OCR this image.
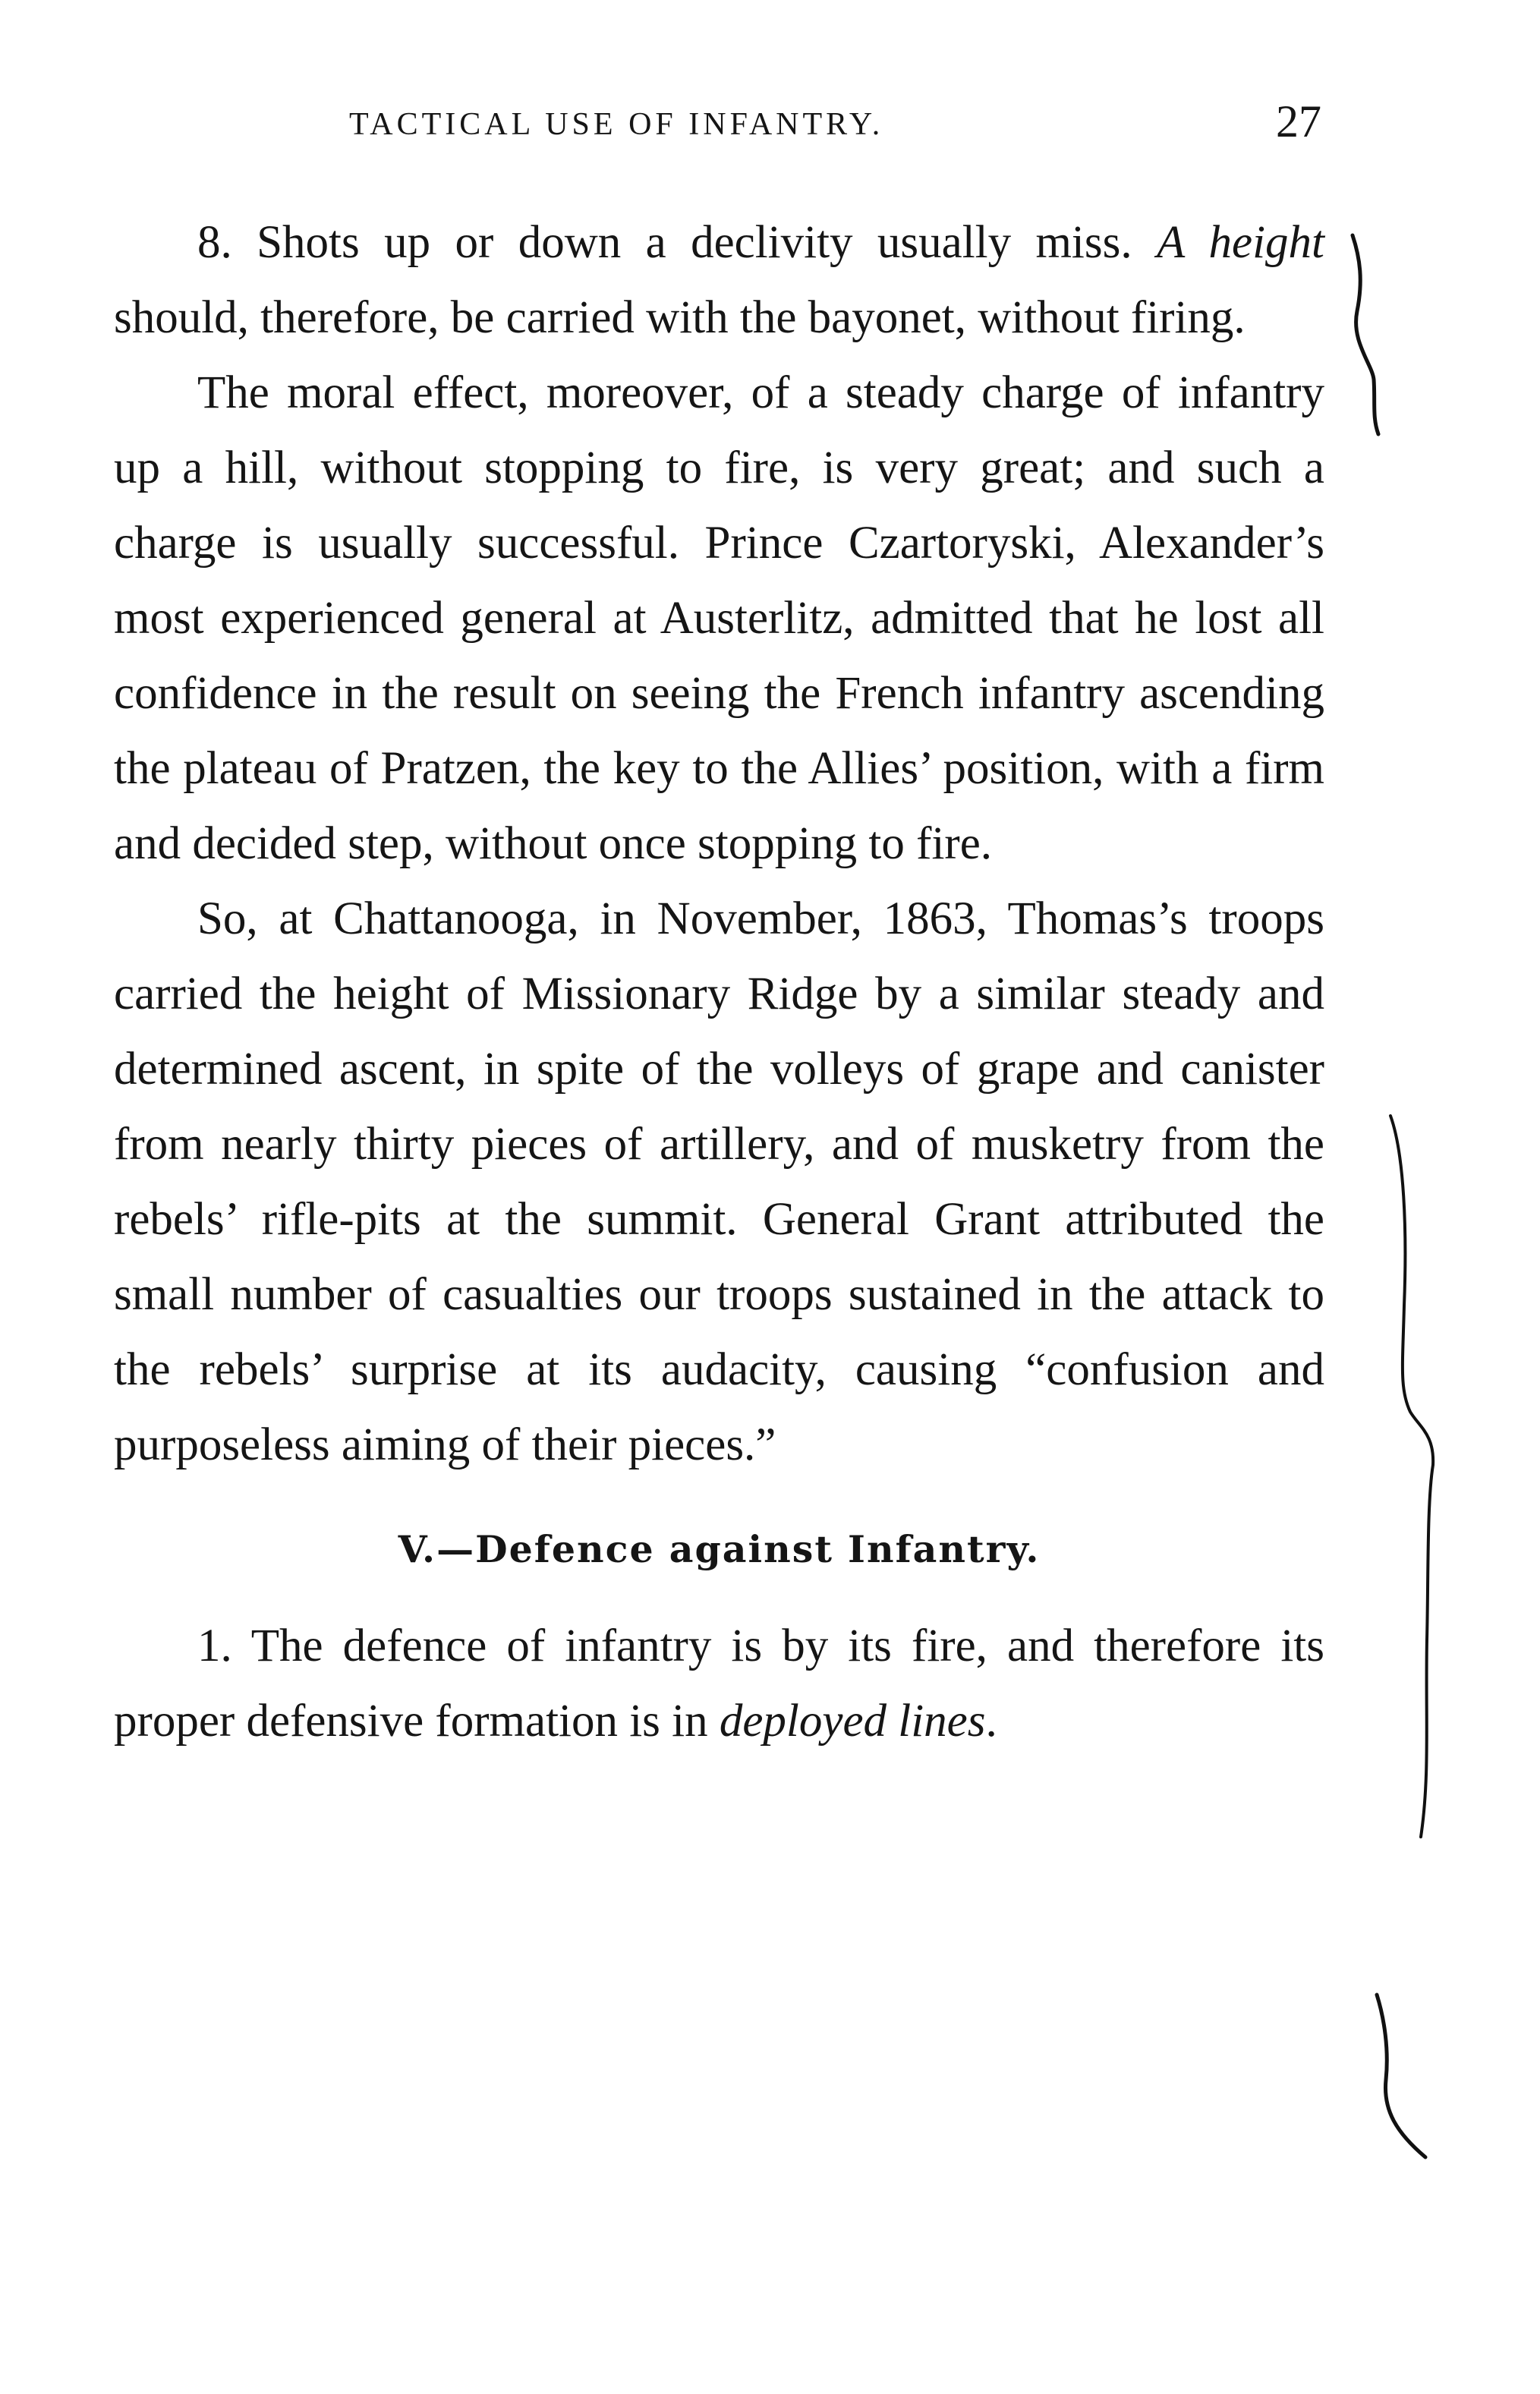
TACTICAL USE OF INFANTRY.	27

8. Shots up or down a declivity usually miss. A height should, therefore, be carried with the bayonet, without firing.

The moral effect, moreover, of a steady charge of infantry up a hill, without stopping to fire, is very great; and such a charge is usually successful. Prince Czartoryski, Alexander’s most experienced general at Austerlitz, admitted that he lost all confidence in the result on seeing the French infantry ascending the plateau of Pratzen, the key to the Allies’ position, with a firm and decided step, without once stopping to fire.

So, at Chattanooga, in November, 1863, Thomas’s troops carried the height of Missionary Ridge by a similar steady and determined ascent, in spite of the volleys of grape and canister from nearly thirty pieces of artillery, and of musketry from the rebels’ rifle-pits at the summit. General Grant attributed the small number of casualties our troops sustained in the attack to the rebels’ surprise at its audacity, causing “confusion and purposeless aiming of their pieces.”

V.—Defence against Infantry.

1. The defence of infantry is by its fire, and therefore its proper defensive formation is in deployed lines.
